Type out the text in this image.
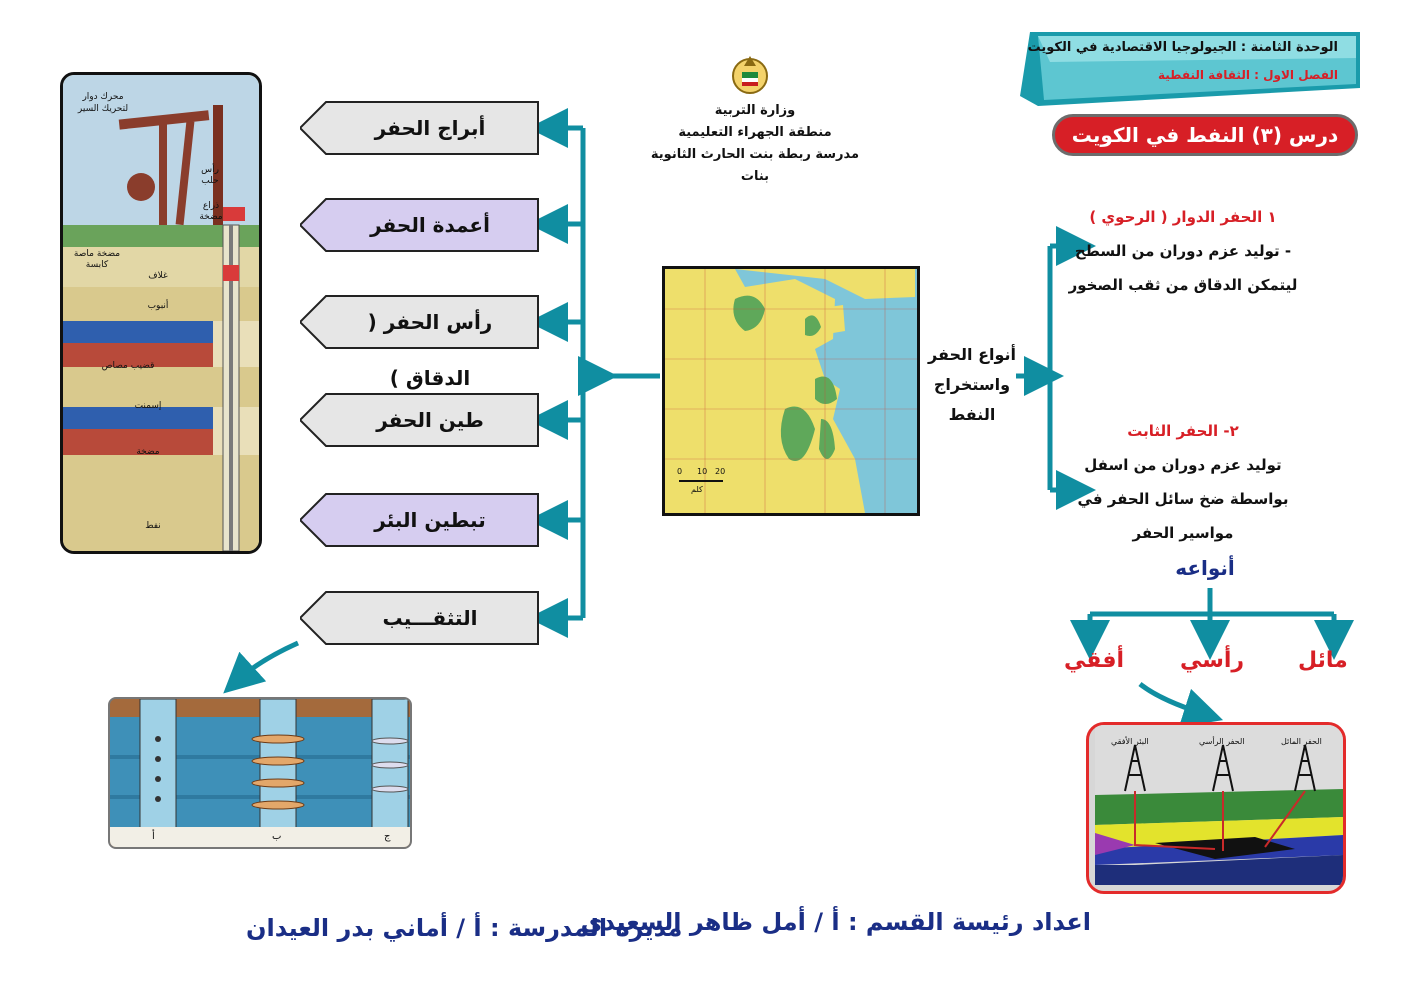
الوحدة الثامنة : الجيولوجيا الاقتصادية في الكويت
الفصل الاول : الثقافة النفطية
درس (٣) النفط في الكويت
وزارة التربية
منطقة الجهراء التعليمية
مدرسة ربطة بنت الحارث الثانوية بنات
أبراج الحفر
أعمدة الحفر
رأس الحفر ( الدقاق )
طين الحفر
تبطين البئر
التثقـــيب
محرك دوار لتحريك السير
رأس حلب
ذراع مضخة
مضخة ماصة كابسة
غلاف
أنبوب
قضيب مصاص
إسمنت
مضخة
نفط
أ	ب	ج
0 10 20
كلم
أنواع الحفر
واستخراج
النفط
١ الحفر الدوار ( الرحوي )
- توليد عزم دوران من السطح
ليتمكن الدقاق من ثقب الصخور
٢- الحفر الثابت
توليد عزم دوران من اسفل
بواسطة ضخ سائل الحفر في
مواسير الحفر
أنواعه
مائل
رأسي
أفقي
البئر الأفقي	الحفر الرأسي	الحفر المائل
اعداد رئيسة القسم : أ / أمل ظاهر السعيدي
مديرة المدرسة : أ / أماني بدر العيدان
